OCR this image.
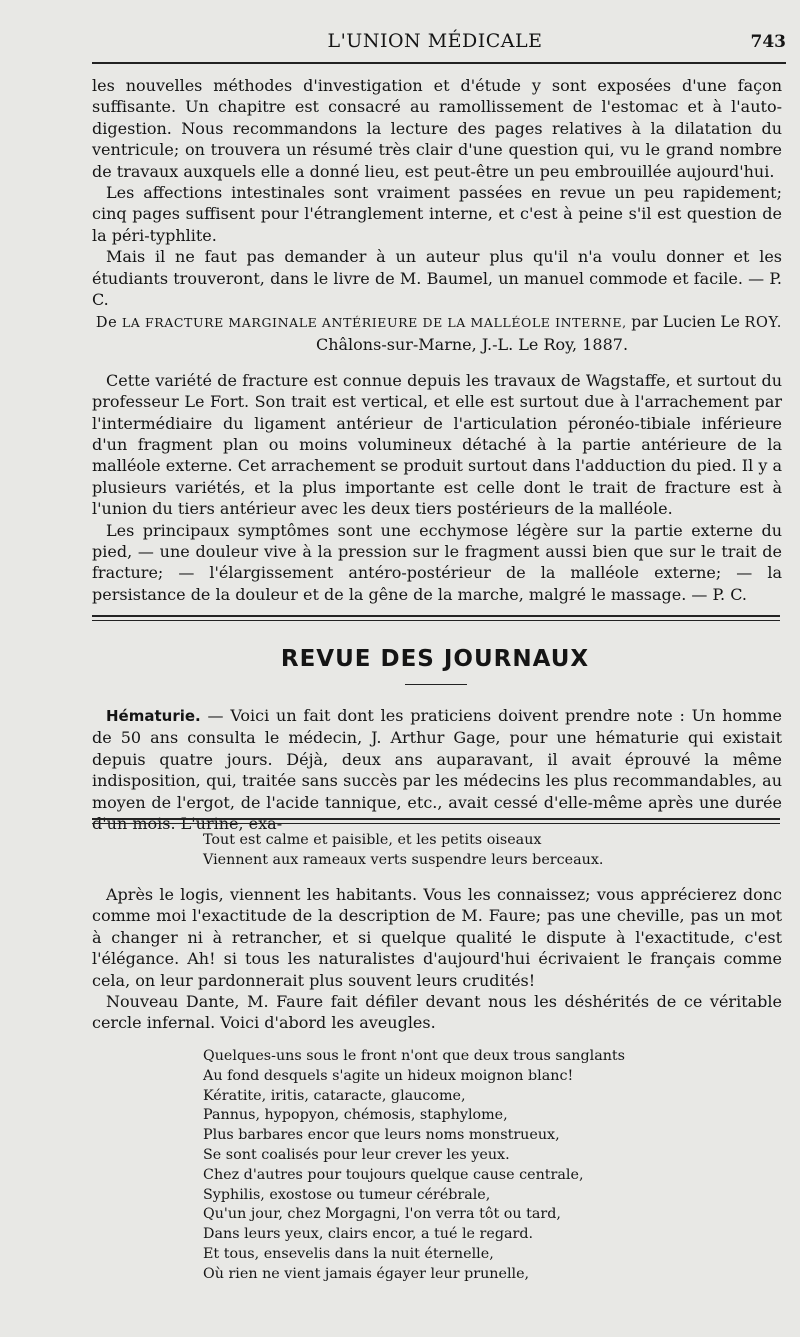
L'UNION MÉDICALE	743

les nouvelles méthodes d'investigation et d'étude y sont exposées d'une façon suffisante. Un chapitre est consacré au ramollissement de l'estomac et à l'auto-digestion. Nous recommandons la lecture des pages relatives à la dilatation du ventricule; on trouvera un résumé très clair d'une question qui, vu le grand nombre de travaux auxquels elle a donné lieu, est peut-être un peu embrouillée aujourd'hui.

Les affections intestinales sont vraiment passées en revue un peu rapidement; cinq pages suffisent pour l'étranglement interne, et c'est à peine s'il est question de la péri-typhlite.

Mais il ne faut pas demander à un auteur plus qu'il n'a voulu donner et les étudiants trouveront, dans le livre de M. Baumel, un manuel commode et facile. — P. C.

De LA FRACTURE MARGINALE ANTÉRIEURE DE LA MALLÉOLE INTERNE, par Lucien Le ROY.
Châlons-sur-Marne, J.-L. Le Roy, 1887.

Cette variété de fracture est connue depuis les travaux de Wagstaffe, et surtout du professeur Le Fort. Son trait est vertical, et elle est surtout due à l'arrachement par l'intermédiaire du ligament antérieur de l'articulation péronéo-tibiale inférieure d'un fragment plan ou moins volumineux détaché à la partie antérieure de la malléole externe. Cet arrachement se produit surtout dans l'adduction du pied. Il y a plusieurs variétés, et la plus importante est celle dont le trait de fracture est à l'union du tiers antérieur avec les deux tiers postérieurs de la malléole.

Les principaux symptômes sont une ecchymose légère sur la partie externe du pied, — une douleur vive à la pression sur le fragment aussi bien que sur le trait de fracture; — l'élargissement antéro-postérieur de la malléole externe; — la persistance de la douleur et de la gêne de la marche, malgré le massage. — P. C.

REVUE DES JOURNAUX

Hématurie. — Voici un fait dont les praticiens doivent prendre note : Un homme de 50 ans consulta le médecin, J. Arthur Gage, pour une hématurie qui existait depuis quatre jours. Déjà, deux ans auparavant, il avait éprouvé la même indisposition, qui, traitée sans succès par les médecins les plus recommandables, au moyen de l'ergot, de l'acide tannique, etc., avait cessé d'elle-même après une durée d'un mois. L'urine, exa-

Tout est calme et paisible, et les petits oiseaux
Viennent aux rameaux verts suspendre leurs berceaux.

Après le logis, viennent les habitants. Vous les connaissez; vous apprécierez donc comme moi l'exactitude de la description de M. Faure; pas une cheville, pas un mot à changer ni à retrancher, et si quelque qualité le dispute à l'exactitude, c'est l'élégance. Ah! si tous les naturalistes d'aujourd'hui écrivaient le français comme cela, on leur pardonnerait plus souvent leurs crudités!

Nouveau Dante, M. Faure fait défiler devant nous les déshérités de ce véritable cercle infernal. Voici d'abord les aveugles.

Quelques-uns sous le front n'ont que deux trous sanglants
Au fond desquels s'agite un hideux moignon blanc!
Kératite, iritis, cataracte, glaucome,
Pannus, hypopyon, chémosis, staphylome,
Plus barbares encor que leurs noms monstrueux,
Se sont coalisés pour leur crever les yeux.
Chez d'autres pour toujours quelque cause centrale,
Syphilis, exostose ou tumeur cérébrale,
Qu'un jour, chez Morgagni, l'on verra tôt ou tard,
Dans leurs yeux, clairs encor, a tué le regard.
Et tous, ensevelis dans la nuit éternelle,
Où rien ne vient jamais égayer leur prunelle,
